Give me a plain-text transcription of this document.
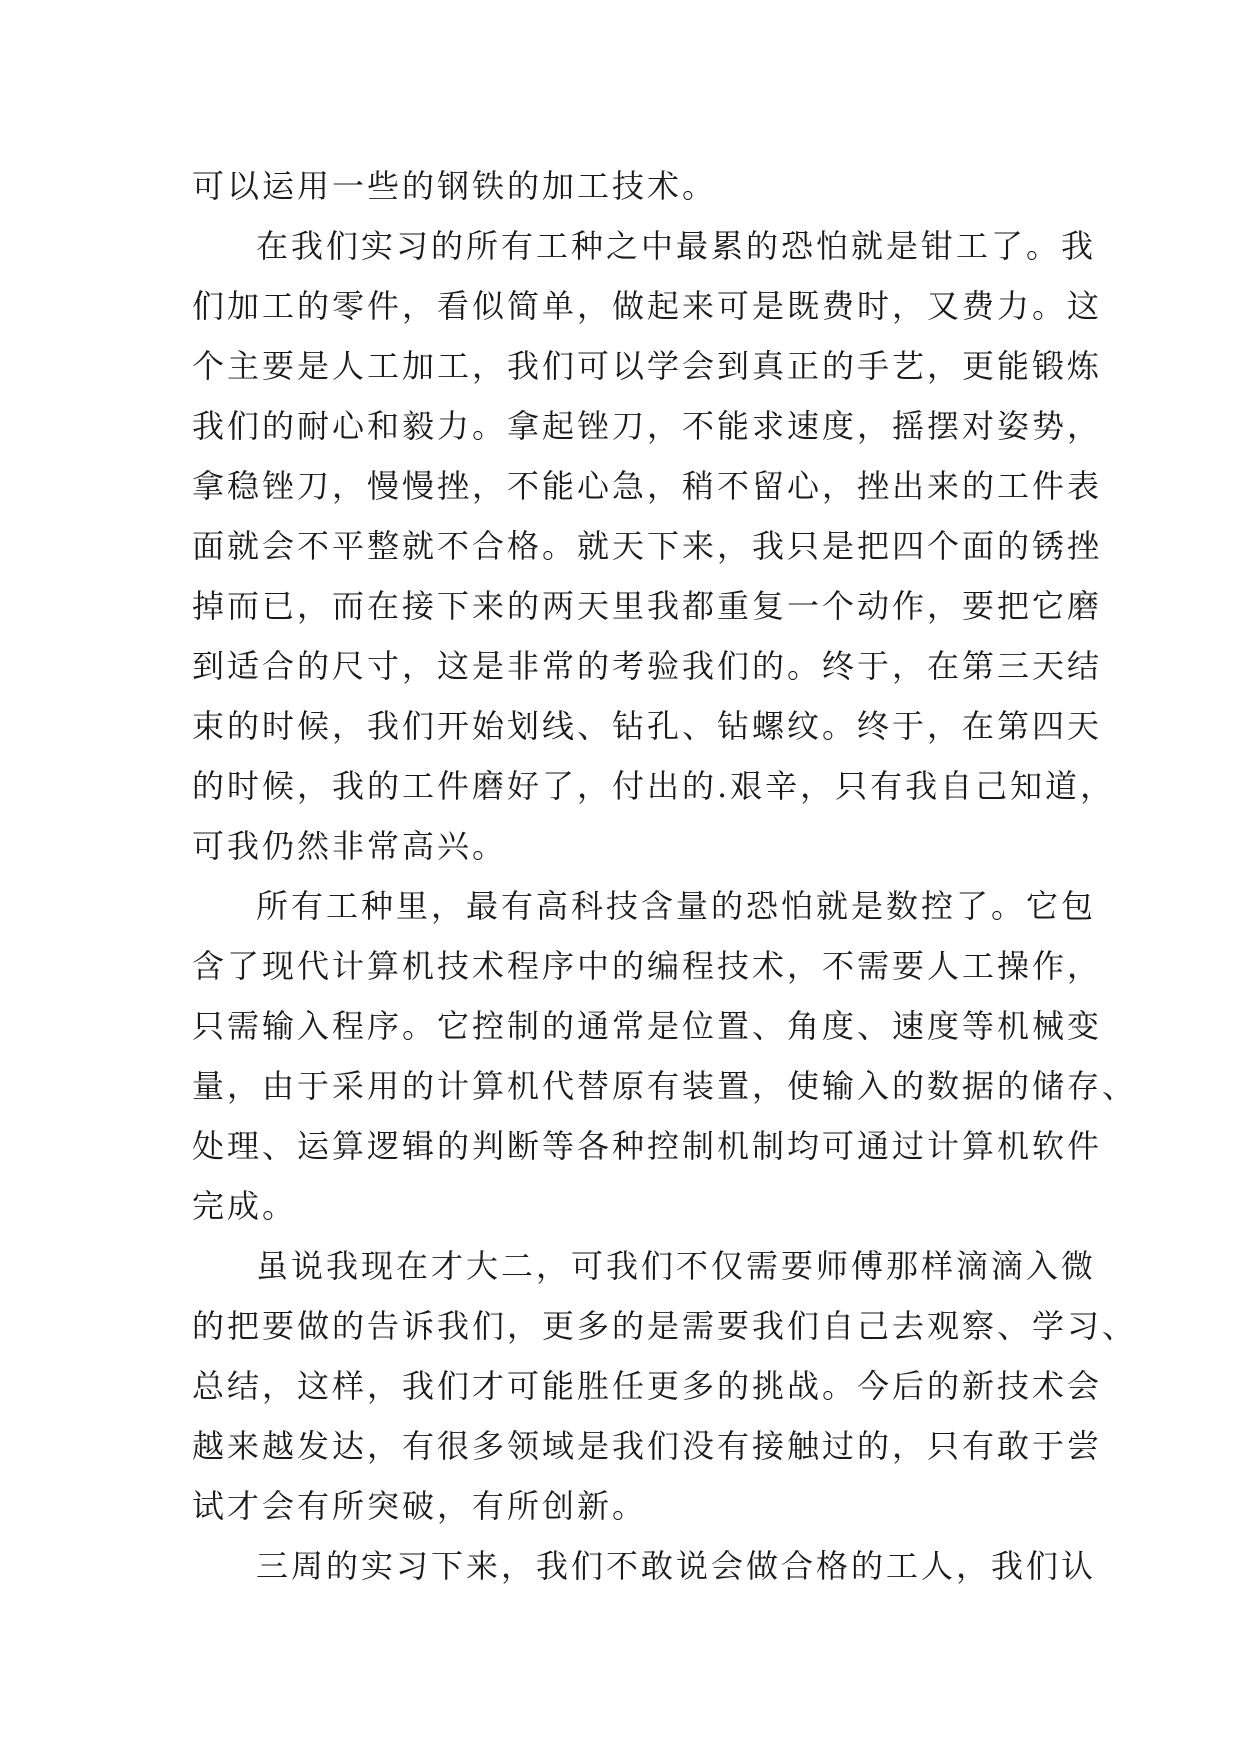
可以运用一些的钢铁的加工技术。
在我们实习的所有工种之中最累的恐怕就是钳工了。我
们加工的零件，看似简单，做起来可是既费时，又费力。这
个主要是人工加工，我们可以学会到真正的手艺，更能锻炼
我们的耐心和毅力。拿起锉刀，不能求速度，摇摆对姿势，
拿稳锉刀，慢慢挫，不能心急，稍不留心，挫出来的工件表
面就会不平整就不合格。就天下来，我只是把四个面的锈挫
掉而已，而在接下来的两天里我都重复一个动作，要把它磨
到适合的尺寸，这是非常的考验我们的。终于，在第三天结
束的时候，我们开始划线、钻孔、钻螺纹。终于，在第四天
的时候，我的工件磨好了，付出的.艰辛，只有我自己知道，
可我仍然非常高兴。
所有工种里，最有高科技含量的恐怕就是数控了。它包
含了现代计算机技术程序中的编程技术，不需要人工操作，
只需输入程序。它控制的通常是位置、角度、速度等机械变
量，由于采用的计算机代替原有装置，使输入的数据的储存、
处理、运算逻辑的判断等各种控制机制均可通过计算机软件
完成。
虽说我现在才大二，可我们不仅需要师傅那样滴滴入微
的把要做的告诉我们，更多的是需要我们自己去观察、学习、
总结，这样，我们才可能胜任更多的挑战。今后的新技术会
越来越发达，有很多领域是我们没有接触过的，只有敢于尝
试才会有所突破，有所创新。
三周的实习下来，我们不敢说会做合格的工人，我们认
